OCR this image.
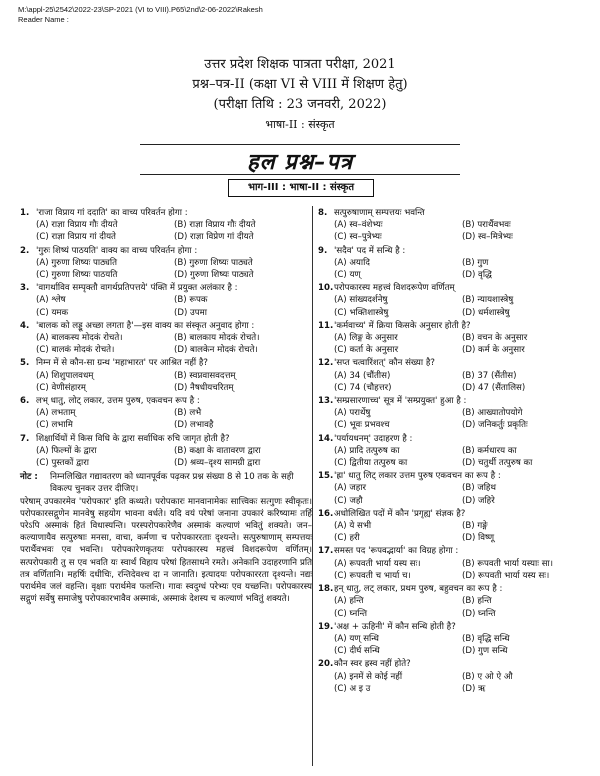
M:\appl-25\2542\2022-23\SP-2021 (VI to VIII).P65\2nd\2-06-2022\Rakesh
Reader Name :
उत्तर प्रदेश शिक्षक पात्रता परीक्षा, 2021
प्रश्न–पत्र-II (कक्षा VI से VIII में शिक्षण हेतु)
(परीक्षा तिथि : 23 जनवरी, 2022)
भाषा-II : संस्कृत
हल प्रश्न–पत्र
भाग-III : भाषा-II : संस्कृत
1. 'राजा विप्राय गां ददाति' का वाच्य परिवर्तन होगा :
(A) राज्ञा विप्राय गौः दीयते	(B) राज्ञा विप्राय गौः दीयते
(C) राज्ञा विप्राय गां दीयते	(D) राज्ञा विप्रेण गां दीयते
2. 'गुरुः शिष्यं पाठयति' वाक्य का वाच्य परिवर्तन होगा :
(A) गुरुणा शिष्यः पाठ्यति	(B) गुरुणा शिष्यः पाठ्यते
(C) गुरुणा शिष्यः पाठयति	(D) गुरुणा शिष्यः पाठ्यते
3. 'वागर्थाविव सम्पृक्तौ वागर्थप्रतिपत्तये' पंक्ति में प्रयुक्त अलंकार है :
(A) श्लेष	(B) रूपक
(C) यमक	(D) उपमा
4. 'बालक को लड्डू अच्छा लगता है'—इस वाक्य का संस्कृत अनुवाद होगा :
(A) बालकस्य मोदकं रोचते।	(B) बालकाय मोदकं रोचते।
(C) बालकं मोदकं रोचते।	(D) बालकेन मोदकं रोचते।
5. निम्न में से कौन-सा ग्रन्थ 'महाभारत' पर आश्रित नहीं है?
(A) शिशुपालवधम्	(B) स्वप्नवासवदत्तम्
(C) वेणीसंहारम्	(D) नैषधीयचरितम्
6. लभ् धातु, लोट् लकार, उत्तम पुरुष, एकवचन रूप है :
(A) लभताम्	(B) लभै
(C) लभामि	(D) लभावहै
7. शिक्षार्थियों में किस विधि के द्वारा सर्वाधिक रुचि जागृत होती है?
(A) फिल्मों के द्वारा	(B) कक्षा के वातावरण द्वारा
(C) पुस्तकों द्वारा	(D) श्रव्य–दृश्य सामग्री द्वारा
नोट :	निम्नलिखित गद्यावतरण को ध्यानपूर्वक पढ़कर प्रश्न संख्या 8 से 10 तक के सही विकल्प चुनकर उत्तर दीजिए।
परेषाम् उपकारमेव 'परोपकार' इति कथ्यते। परोपकारः मानवानामेकः सात्त्विकः सत्गुणः स्वीकृतः। परोपकारसद्गुणेन मानवेषु सहयोग भावना वर्धते। यदि वयं परेषां जनाना उपकारं करिष्यामः तर्हि परेऽपि अस्माकं हितं विधास्यन्ति। परस्परोपकारेणैव अस्माकं कल्याणं भवितुं शक्यते। जन–कल्याणायैव सत्पुरुषाः मनसा, वाचा, कर्मणा च परोपकाररताः दृश्यन्ते। सत्पुरुषाणाम् सम्पत्तयः परार्थैवभवः एव भवन्ति। परोपकारेणकृतयः परोपकारस्य महत्त्वं विशदरूपेण वर्णितम्। सत्परोपकारी तु स एव भवति यः स्वार्थं विहाय परेषां हितसाधने रमते। अनेकानि उदाहरणानि प्रति तत्र वर्णितानि। महर्षिः दधीचिः, रन्तिदेवश्च दा न जानाति। इत्यादयः परोपकाररता दृश्यन्ते। नद्यः परार्थमेव जलं वहन्ति। वृक्षाः परार्थमेव फलन्ति। गावः स्वदुग्धं परेभ्यः एव यच्छन्ति। परोपकारस्य सद्गुणं सर्वेषु समाजेषु परोपकारभावैव अस्माकं, अस्माकं देशस्य च कल्याणं भवितुं शक्यते।
8. सत्पुरुषाणाम् सम्पत्तयः भवन्ति
(A) स्व–वंशेभ्यः	(B) परार्थैवभवः
(C) स्व–पुत्रेभ्यः	(D) स्व–मित्रेभ्यः
9. 'सदैव' पद में सन्धि है :
(A) अयादि	(B) गुण
(C) यण्	(D) वृद्धि
10. परोपकारस्य महत्त्वं विशदरूपेण वर्णितम्
(A) सांख्यदर्शनेषु	(B) न्यायशास्त्रेषु
(C) भक्तिशास्त्रेषु	(D) धर्मशास्त्रेषु
11. 'कर्मवाच्य' में क्रिया किसके अनुसार होती है?
(A) लिङ्ग के अनुसार	(B) वचन के अनुसार
(C) कर्ता के अनुसार	(D) कर्म के अनुसार
12. 'सप्त चत्वारिंशत्' कौन संख्या है?
(A) 34 (चौंतीस)	(B) 37 (सैंतीस)
(C) 74 (चौहत्तर)	(D) 47 (सैंतालिस)
13. 'सम्प्रसारणाच्च' सूत्र में 'सम्प्रयुक्त' हुआ है :
(A) परार्थेषु	(B) आख्यातोपयोगे
(C) भूवः प्रभवश्च	(D) जनिकर्तुः प्रकृतिः
14. 'पर्यायधनम्' उदाहरण है :
(A) प्रादि तत्पुरुष का	(B) कर्मधारय का
(C) द्वितीया तत्पुरुष का	(D) चतुर्थी तत्पुरुष का
15. 'ह्रा' धातु लिट् लकार उत्तम पुरुष एकवचन का रूप है :
(A) जहार	(B) जहिथ
(C) जहौ	(D) जहिरे
16. अधोलिखित पदों में कौन 'प्रगृह्य' संज्ञक है?
(A) ये सभी	(B) गङ्गे
(C) हरी	(D) विष्णू
17. समस्त पद 'रूपवद्भार्या' का विग्रह होगा :
(A) रूपवती भार्या यस्य सः।	(B) रूपवती भार्या यस्याः सा।
(C) रूपवती च भार्या च।	(D) रूपवती भार्या यस्य सः।
18. हन् धातु, लट् लकार, प्रथम पुरुष, बहुवचन का रूप है :
(A) हन्ति	(B) हन्ति
(C) घ्नन्ति	(D) घ्नन्ति
19. 'अक्ष + ऊहिनी' में कौन सन्धि होती है?
(A) यण् सन्धि	(B) वृद्धि सन्धि
(C) दीर्घ सन्धि	(D) गुण सन्धि
20. कौन स्वर ह्रस्व नहीं होते?
(A) इनमें से कोई नहीं	(B) ए ओ ऐ औ
(C) अ इ उ	(D) ऋ
